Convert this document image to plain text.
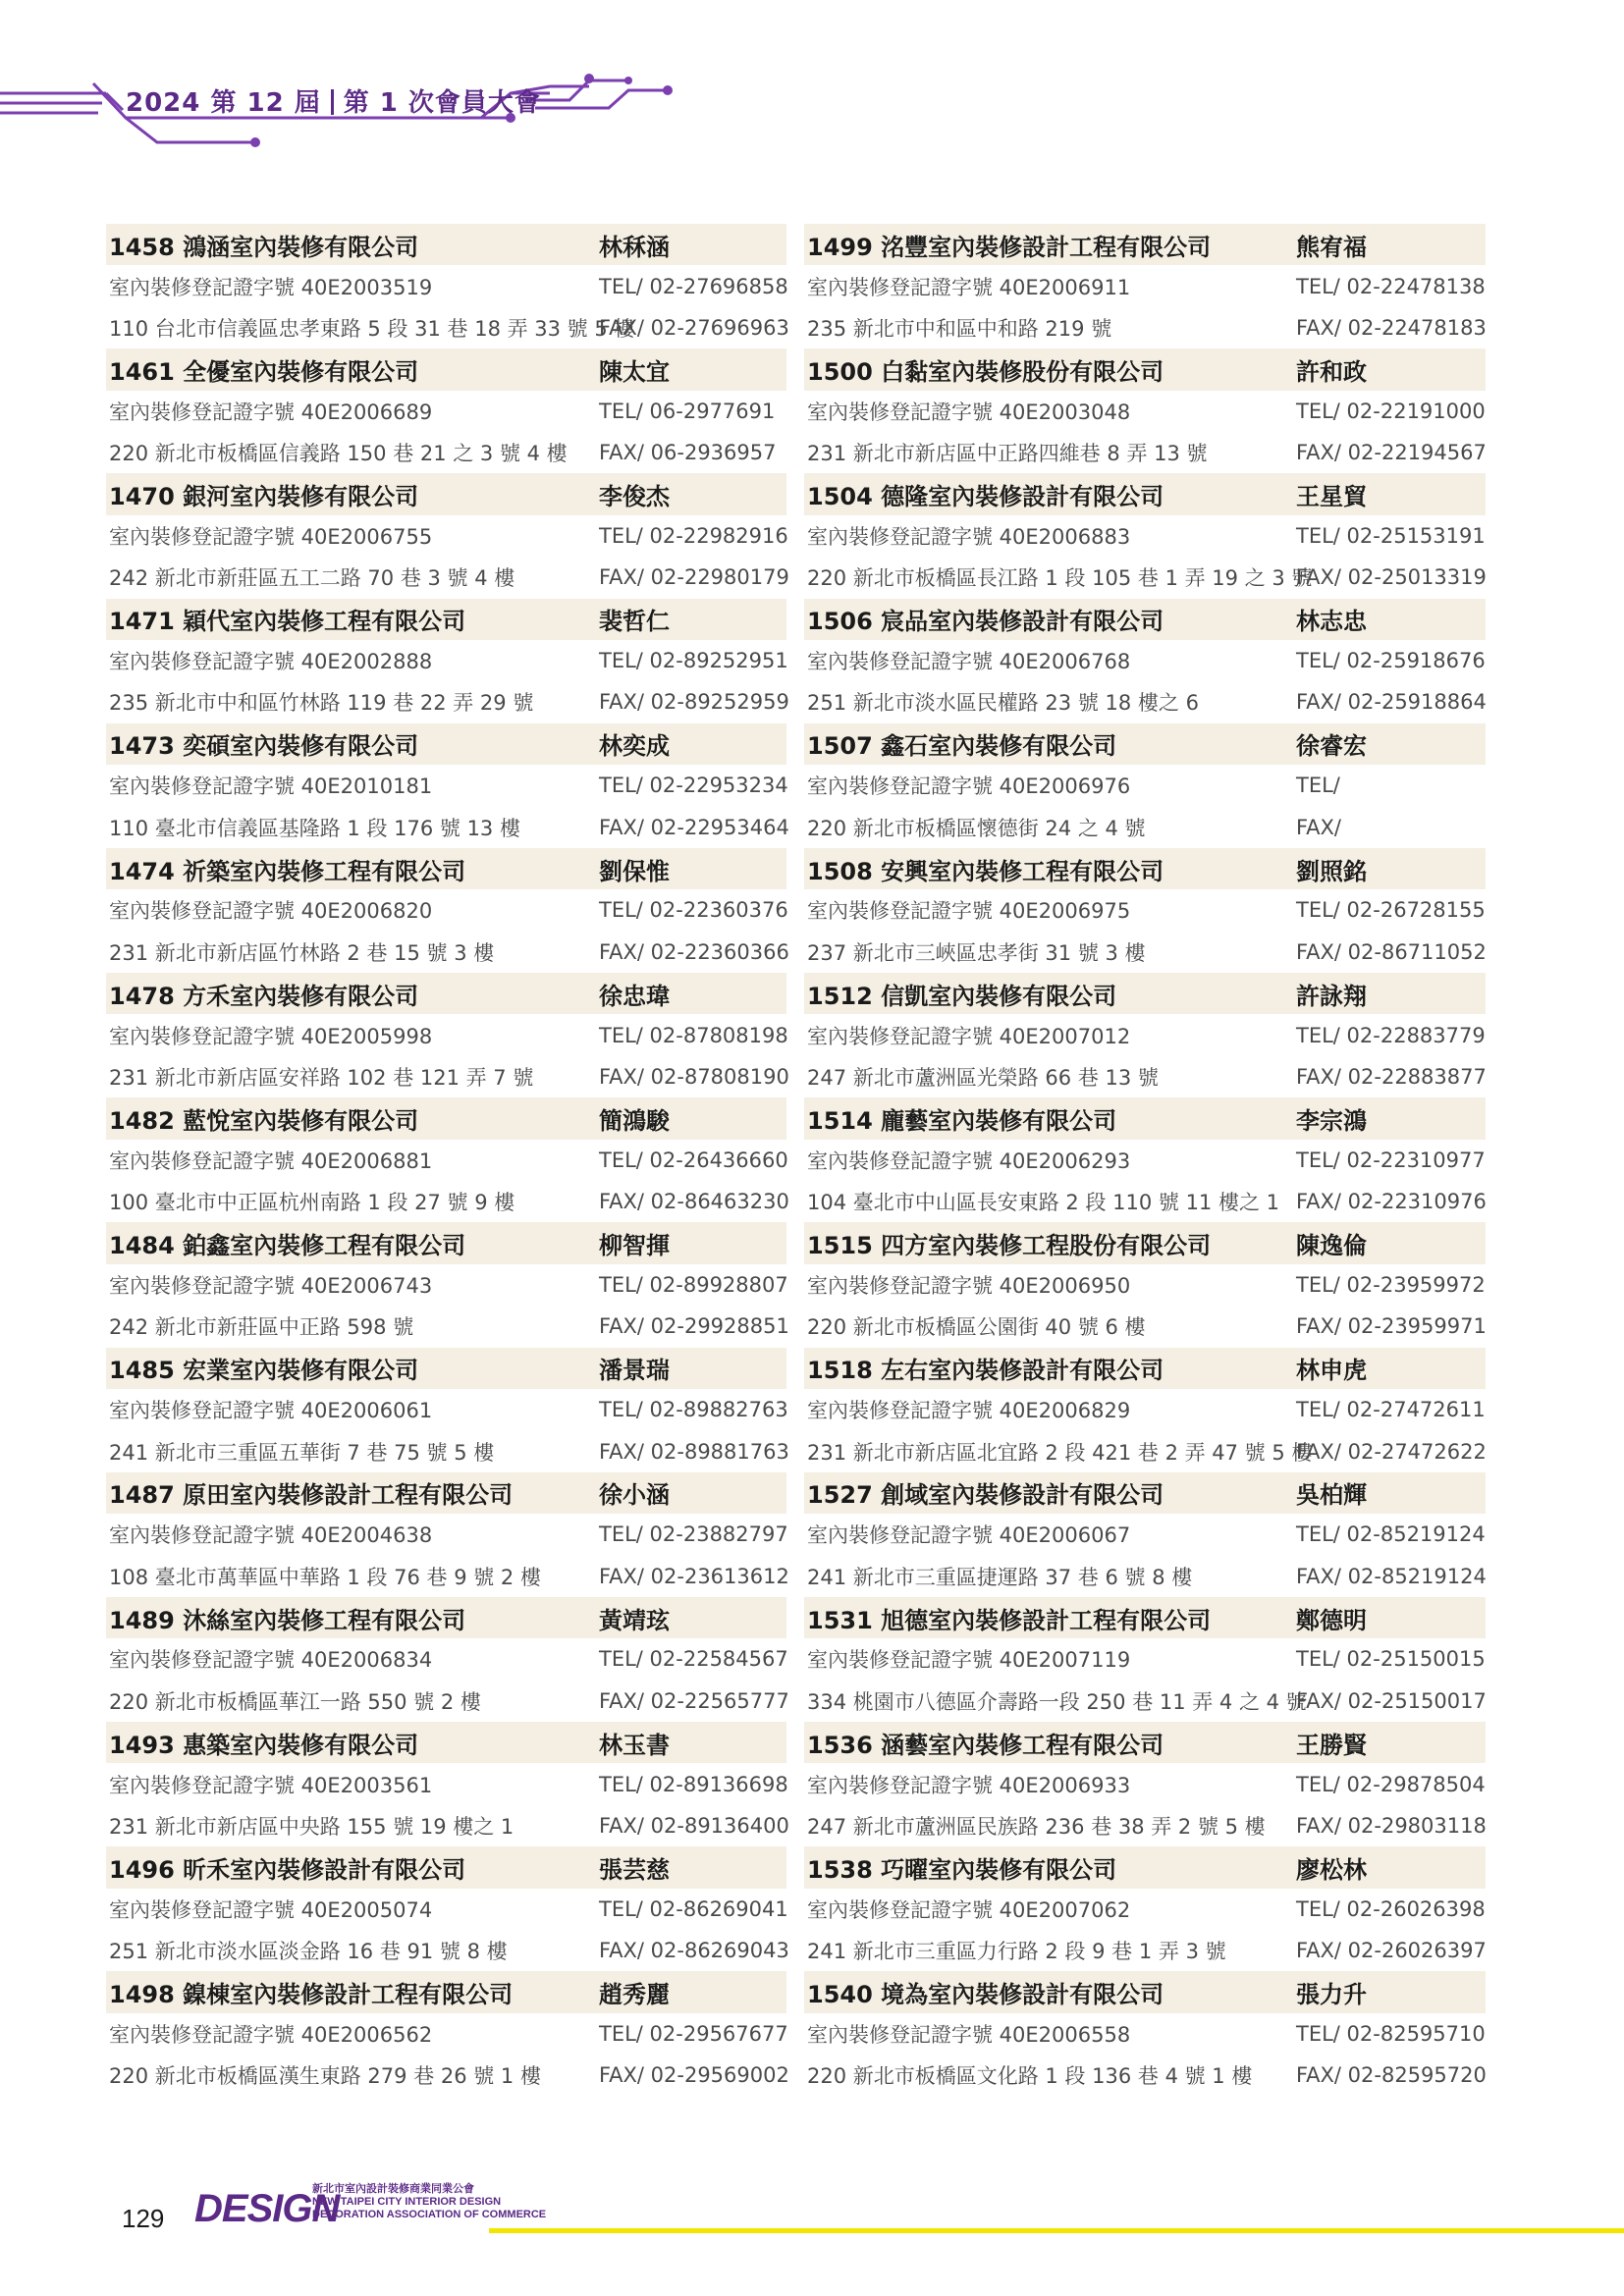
2024 第 12 屆 第 1 次會員大會
1458 鴻涵室內裝修有限公司	林秝涵
室內裝修登記證字號 40E2003519	TEL/ 02-27696858
110 台北市信義區忠孝東路 5 段 31 巷 18 弄 33 號 5 樓
FAX/ 02-27696963
1461 全優室內裝修有限公司	陳太宜
室內裝修登記證字號 40E2006689	TEL/ 06-2977691
220 新北市板橋區信義路 150 巷 21 之 3 號 4 樓 FAX/ 06-2936957
1470 銀河室內裝修有限公司	李俊杰
室內裝修登記證字號 40E2006755	TEL/ 02-22982916
242 新北市新莊區五工二路 70 巷 3 號 4 樓	FAX/ 02-22980179
1471 穎代室內裝修工程有限公司	裴哲仁
室內裝修登記證字號 40E2002888	TEL/ 02-89252951
235 新北市中和區竹林路 119 巷 22 弄 29 號	FAX/ 02-89252959
1473 奕碩室內裝修有限公司	林奕成
室內裝修登記證字號 40E2010181	TEL/ 02-22953234
110 臺北市信義區基隆路 1 段 176 號 13 樓	FAX/ 02-22953464
1474 祈築室內裝修工程有限公司	劉保惟
室內裝修登記證字號 40E2006820	TEL/ 02-22360376
231 新北市新店區竹林路 2 巷 15 號 3 樓	FAX/ 02-22360366
1478 方禾室內裝修有限公司	徐忠瑋
室內裝修登記證字號 40E2005998	TEL/ 02-87808198
231 新北市新店區安祥路 102 巷 121 弄 7 號	FAX/ 02-87808190
1482 藍悅室內裝修有限公司	簡鴻駿
室內裝修登記證字號 40E2006881	TEL/ 02-26436660
100 臺北市中正區杭州南路 1 段 27 號 9 樓	FAX/ 02-86463230
1484 鉑鑫室內裝修工程有限公司	柳智揮
室內裝修登記證字號 40E2006743	TEL/ 02-89928807
242 新北市新莊區中正路 598 號	FAX/ 02-29928851
1485 宏業室內裝修有限公司	潘景瑞
室內裝修登記證字號 40E2006061	TEL/ 02-89882763
241 新北市三重區五華街 7 巷 75 號 5 樓	FAX/ 02-89881763
1487 原田室內裝修設計工程有限公司	徐小涵
室內裝修登記證字號 40E2004638	TEL/ 02-23882797
108 臺北市萬華區中華路 1 段 76 巷 9 號 2 樓	FAX/ 02-23613612
1489 沐絲室內裝修工程有限公司	黃靖玹
室內裝修登記證字號 40E2006834	TEL/ 02-22584567
220 新北市板橋區華江一路 550 號 2 樓	FAX/ 02-22565777
1493 惠築室內裝修有限公司	林玉書
室內裝修登記證字號 40E2003561	TEL/ 02-89136698
231 新北市新店區中央路 155 號 19 樓之 1	FAX/ 02-89136400
1496 昕禾室內裝修設計有限公司	張芸慈
室內裝修登記證字號 40E2005074	TEL/ 02-86269041
251 新北市淡水區淡金路 16 巷 91 號 8 樓	FAX/ 02-86269043
1498 鎳棟室內裝修設計工程有限公司	趙秀麗
室內裝修登記證字號 40E2006562	TEL/ 02-29567677
220 新北市板橋區漢生東路 279 巷 26 號 1 樓	FAX/ 02-29569002
1499 洺豐室內裝修設計工程有限公司	熊宥福
室內裝修登記證字號 40E2006911	TEL/ 02-22478138
235 新北市中和區中和路 219 號	FAX/ 02-22478183
1500 白黏室內裝修股份有限公司	許和政
室內裝修登記證字號 40E2003048	TEL/ 02-22191000
231 新北市新店區中正路四維巷 8 弄 13 號	FAX/ 02-22194567
1504 德隆室內裝修設計有限公司	王星貿
室內裝修登記證字號 40E2006883	TEL/ 02-25153191
220 新北市板橋區長江路 1 段 105 巷 1 弄 19 之 3 號
FAX/ 02-25013319
1506 宸品室內裝修設計有限公司	林志忠
室內裝修登記證字號 40E2006768	TEL/ 02-25918676
251 新北市淡水區民權路 23 號 18 樓之 6	FAX/ 02-25918864
1507 鑫石室內裝修有限公司	徐睿宏
室內裝修登記證字號 40E2006976	TEL/
220 新北市板橋區懷德街 24 之 4 號	FAX/
1508 安興室內裝修工程有限公司	劉照銘
室內裝修登記證字號 40E2006975	TEL/ 02-26728155
237 新北市三峽區忠孝街 31 號 3 樓	FAX/ 02-86711052
1512 信凱室內裝修有限公司	許詠翔
室內裝修登記證字號 40E2007012	TEL/ 02-22883779
247 新北市蘆洲區光榮路 66 巷 13 號	FAX/ 02-22883877
1514 龐藝室內裝修有限公司	李宗鴻
室內裝修登記證字號 40E2006293	TEL/ 02-22310977
104 臺北市中山區長安東路 2 段 110 號 11 樓之 1 FAX/ 02-22310976
1515 四方室內裝修工程股份有限公司	陳逸倫
室內裝修登記證字號 40E2006950	TEL/ 02-23959972
220 新北市板橋區公園街 40 號 6 樓	FAX/ 02-23959971
1518 左右室內裝修設計有限公司	林申虎
室內裝修登記證字號 40E2006829	TEL/ 02-27472611
231 新北市新店區北宜路 2 段 421 巷 2 弄 47 號 5 樓
FAX/ 02-27472622
1527 創域室內裝修設計有限公司	吳柏輝
室內裝修登記證字號 40E2006067	TEL/ 02-85219124
241 新北市三重區捷運路 37 巷 6 號 8 樓	FAX/ 02-85219124
1531 旭德室內裝修設計工程有限公司	鄭德明
室內裝修登記證字號 40E2007119	TEL/ 02-25150015
334 桃園市八德區介壽路一段 250 巷 11 弄 4 之 4 號
FAX/ 02-25150017
1536 涵藝室內裝修工程有限公司	王勝賢
室內裝修登記證字號 40E2006933	TEL/ 02-29878504
247 新北市蘆洲區民族路 236 巷 38 弄 2 號 5 樓 FAX/ 02-29803118
1538 巧曜室內裝修有限公司	廖松林
室內裝修登記證字號 40E2007062	TEL/ 02-26026398
241 新北市三重區力行路 2 段 9 巷 1 弄 3 號	FAX/ 02-26026397
1540 境為室內裝修設計有限公司	張力升
室內裝修登記證字號 40E2006558	TEL/ 02-82595710
220 新北市板橋區文化路 1 段 136 巷 4 號 1 樓 FAX/ 02-82595720
129 DESIGN
新北市室內設計裝修商業同業公會
NEW TAIPEI CITY INTERIOR DESIGN
DECORATION ASSOCIATION OF COMMERCE
